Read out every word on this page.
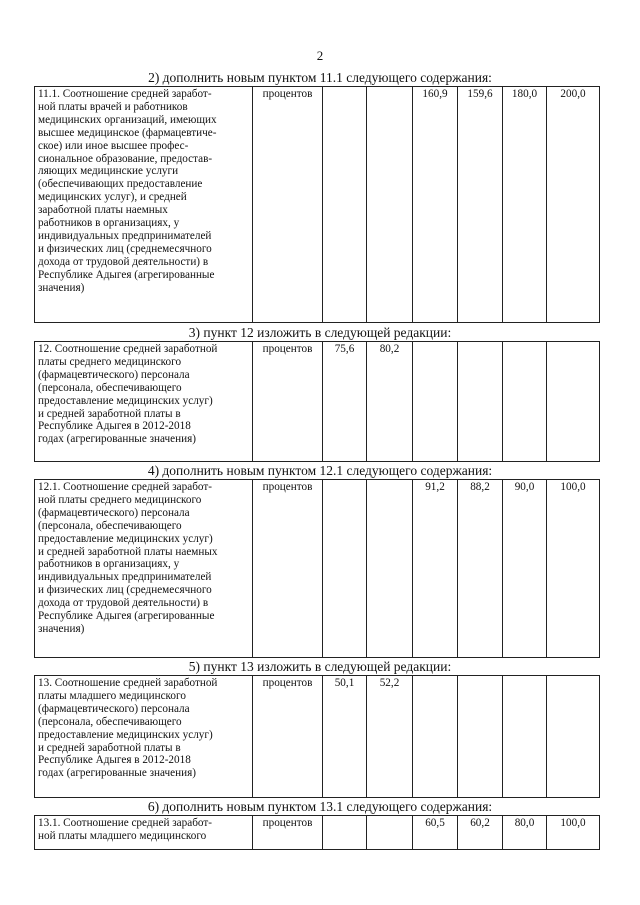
2
2) дополнить новым пунктом 11.1 следующего содержания:
11.1. Соотношение средней заработ-
ной платы врачей и работников
медицинских организаций, имеющих
высшее медицинское (фармацевтиче-
ское) или иное высшее профес-
сиональное образование, предостав-
ляющих медицинские услуги
(обеспечивающих предоставление
медицинских услуг), и средней
заработной платы наемных
работников в организациях, у
индивидуальных предпринимателей
и физических лиц (среднемесячного
дохода от трудовой деятельности) в
Республике Адыгея (агрегированные
значения)
	процентов			160,9	159,6	180,0	200,0
3) пункт 12 изложить в следующей редакции:
12. Соотношение средней заработной
платы среднего медицинского
(фармацевтического) персонала
(персонала, обеспечивающего
предоставление медицинских услуг)
и средней заработной платы в
Республике Адыгея в 2012-2018
годах (агрегированные значения)
	процентов	75,6	80,2				
4) дополнить новым пунктом 12.1 следующего содержания:
12.1. Соотношение средней заработ-
ной платы среднего медицинского
(фармацевтического) персонала
(персонала, обеспечивающего
предоставление медицинских услуг)
и средней заработной платы наемных
работников в организациях, у
индивидуальных предпринимателей
и физических лиц (среднемесячного
дохода от трудовой деятельности) в
Республике Адыгея (агрегированные
значения)
	процентов			91,2	88,2	90,0	100,0
5) пункт 13 изложить в следующей редакции:
13. Соотношение средней заработной
платы младшего медицинского
(фармацевтического) персонала
(персонала, обеспечивающего
предоставление медицинских услуг)
и средней заработной платы в
Республике Адыгея в 2012-2018
годах (агрегированные значения)
	процентов	50,1	52,2				
6) дополнить новым пунктом 13.1 следующего содержания:
13.1. Соотношение средней заработ-
ной платы младшего медицинского
	процентов			60,5	60,2	80,0	100,0
